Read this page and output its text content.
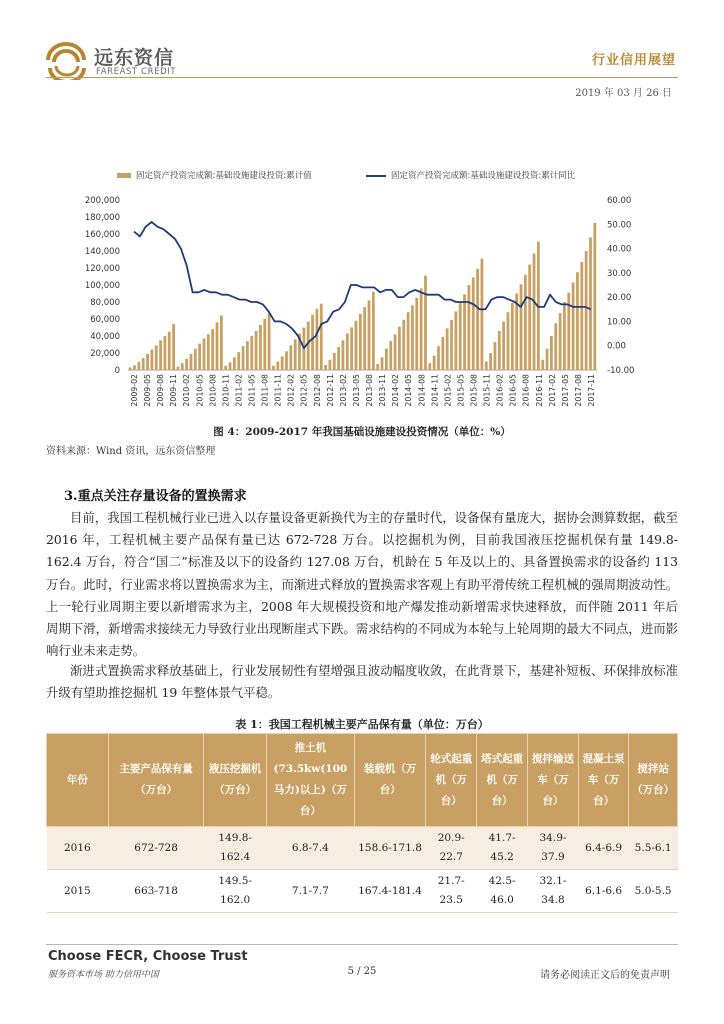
远东资信
FAREAST CREDIT
行业信用展望
2019 年 03 月 26 日
固定资产投资完成额:基础设施建设投资:累计值	固定资产投资完成额:基础设施建设投资:累计同比
0
20,000
40,000
60,000
80,000
100,000
120,000
140,000
160,000
180,000
200,000
-10.00
0.00
10.00
20.00
30.00
40.00
50.00
60.00
2009-02 2009-05 2009-08 2009-11 2010-02 2010-05 2010-08 2010-11 2011-02 2011-05 2011-08 2011-11 2012-02 2012-05 2012-08 2012-11 2013-02 2013-05 2013-08 2013-11 2014-02 2014-05 2014-08 2014-11 2015-02 2015-05 2015-08 2015-11 2016-02 2016-05 2016-08 2016-11 2017-02 2017-05 2017-08 2017-11
图 4：2009-2017 年我国基础设施建设投资情况（单位：%）
资料来源：Wind 资讯，远东资信整理
3.重点关注存量设备的置换需求

目前，我国工程机械行业已进入以存量设备更新换代为主的存量时代，设备保有量庞大，据协会测算数据，截至 2016 年，工程机械主要产品保有量已达 672-728 万台。以挖掘机为例，目前我国液压挖掘机保有量 149.8-162.4 万台，符合“国二”标准及以下的设备约 127.08 万台，机龄在 5 年及以上的、具备置换需求的设备约 113 万台。此时，行业需求将以置换需求为主，而渐进式释放的置换需求客观上有助平滑传统工程机械的强周期波动性。上一轮行业周期主要以新增需求为主，2008 年大规模投资和地产爆发推动新增需求快速释放，而伴随 2011 年后周期下滑，新增需求接续无力导致行业出现断崖式下跌。需求结构的不同成为本轮与上轮周期的最大不同点，进而影响行业未来走势。

渐进式置换需求释放基础上，行业发展韧性有望增强且波动幅度收敛，在此背景下，基建补短板、环保排放标准升级有望助推挖掘机 19 年整体景气平稳。

表 1：我国工程机械主要产品保有量（单位：万台）
年份	主要产品保有量（万台）	液压挖掘机（万台）	推土机(73.5kw(100马力)以上)（万台）	装载机（万台）	轮式起重机（万台）	塔式起重机（万台）	搅拌输送车（万台）	混凝土泵车（万台）	搅拌站（万台）
2016	672-728	149.8-162.4	6.8-7.4	158.6-171.8	20.9-22.7	41.7-45.2	34.9-37.9	6.4-6.9	5.5-6.1
2015	663-718	149.5-162.0	7.1-7.7	167.4-181.4	21.7-23.5	42.5-46.0	32.1-34.8	6.1-6.6	5.0-5.5
Choose FECR, Choose Trust
服务资本市场 助力信用中国	5 / 25	请务必阅读正文后的免责声明
